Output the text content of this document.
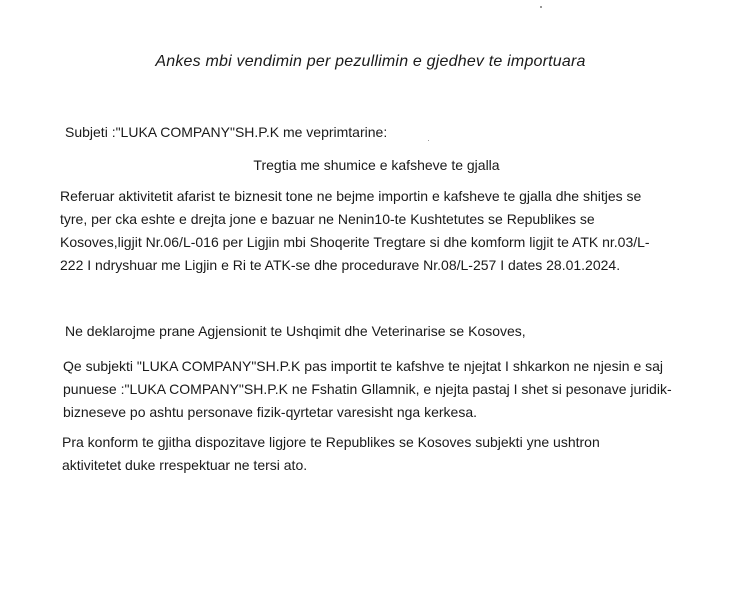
Ankes mbi vendimin per pezullimin e gjedhev te importuara
Subjeti :"LUKA COMPANY"SH.P.K me veprimtarine:
Tregtia me shumice e kafsheve te gjalla
Referuar aktivitetit afarist te biznesit tone ne bejme importin e kafsheve te gjalla dhe shitjes se
tyre, per cka eshte e drejta jone e bazuar ne Nenin10-te Kushtetutes se Republikes se
Kosoves,ligjit Nr.06/L-016 per Ligjin mbi Shoqerite Tregtare si dhe komform ligjit te ATK nr.03/L-
222 I ndryshuar me Ligjin e Ri te ATK-se dhe procedurave Nr.08/L-257 I dates 28.01.2024.
Ne deklarojme prane Agjensionit te Ushqimit dhe Veterinarise se Kosoves,
Qe subjekti "LUKA COMPANY"SH.P.K pas importit te kafshve te njejtat I shkarkon ne njesin e saj
punuese :"LUKA COMPANY"SH.P.K ne Fshatin Gllamnik, e njejta pastaj I shet si pesonave juridik-
bizneseve po ashtu personave fizik-qyrtetar varesisht nga kerkesa.
Pra konform te gjitha dispozitave ligjore te Republikes se Kosoves subjekti yne ushtron
aktivitetet duke rrespektuar ne tersi ato.
